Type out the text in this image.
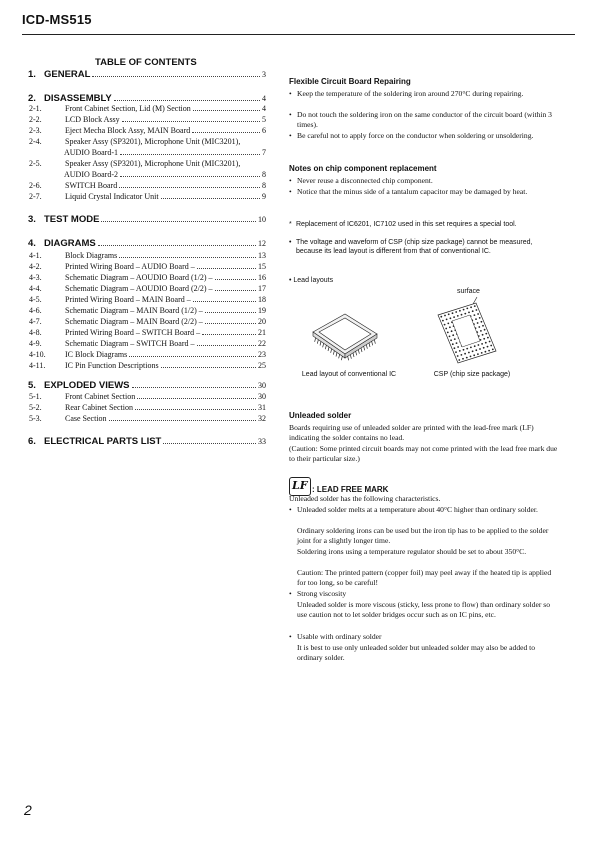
ICD-MS515
TABLE OF CONTENTS
1. GENERAL	3
2. DISASSEMBLY	4
2-1.	Front Cabinet Section, Lid (M) Section	4
2-2.	LCD Block Assy	5
2-3.	Eject Mecha Block Assy, MAIN Board	6
2-4.	Speaker Assy (SP3201), Microphone Unit (MIC3201),
AUDIO Board-1	7
2-5.	Speaker Assy (SP3201), Microphone Unit (MIC3201),
AUDIO Board-2	8
2-6.	SWITCH Board	8
2-7.	Liquid Crystal Indicator Unit	9
3. TEST MODE	10
4. DIAGRAMS	12
4-1.	Block Diagrams	13
4-2.	Printed Wiring Board – AUDIO Board –	15
4-3.	Schematic Diagram – AOUDIO Board (1/2) –	16
4-4.	Schematic Diagram – AOUDIO Board (2/2) –	17
4-5.	Printed Wiring Board – MAIN Board –	18
4-6.	Schematic Diagram – MAIN Board (1/2) –	19
4-7.	Schematic Diagram – MAIN Board (2/2) –	20
4-8.	Printed Wiring Board – SWITCH Board –	21
4-9.	Schematic Diagram – SWITCH Board –	22
4-10.	IC Block Diagrams	23
4-11.	IC Pin Function Descriptions	25
5. EXPLODED VIEWS	30
5-1.	Front Cabinet Section	30
5-2.	Rear Cabinet Section	31
5-3.	Case Section	32
6. ELECTRICAL PARTS LIST	33
Flexible Circuit Board Repairing
• Keep the temperature of the soldering iron around 270°C during repairing.
• Do not touch the soldering iron on the same conductor of the circuit board (within 3 times).
• Be careful not to apply force on the conductor when soldering or unsoldering.
Notes on chip component replacement
• Never reuse a disconnected chip component.
• Notice that the minus side of a tantalum capacitor may be damaged by heat.
* Replacement of IC6201, IC7102 used in this set requires a special tool.
• The voltage and waveform of CSP (chip size package) cannot be measured, because its lead layout is different from that of conventional IC.
• Lead layouts
surface
Lead layout of conventional IC	CSP (chip size package)
Unleaded solder
Boards requiring use of unleaded solder are printed with the lead-free mark (LF) indicating the solder contains no lead.
(Caution: Some printed circuit boards may not come printed with the lead free mark due to their particular size.)
LF : LEAD FREE MARK
Unleaded solder has the following characteristics.
• Unleaded solder melts at a temperature about 40°C higher than ordinary solder.
Ordinary soldering irons can be used but the iron tip has to be applied to the solder joint for a slightly longer time.
Soldering irons using a temperature regulator should be set to about 350°C.
Caution: The printed pattern (copper foil) may peel away if the heated tip is applied for too long, so be careful!
• Strong viscosity
Unleaded solder is more viscous (sticky, less prone to flow) than ordinary solder so use caution not to let solder bridges occur such as on IC pins, etc.
• Usable with ordinary solder
It is best to use only unleaded solder but unleaded solder may also be added to ordinary solder.
2
